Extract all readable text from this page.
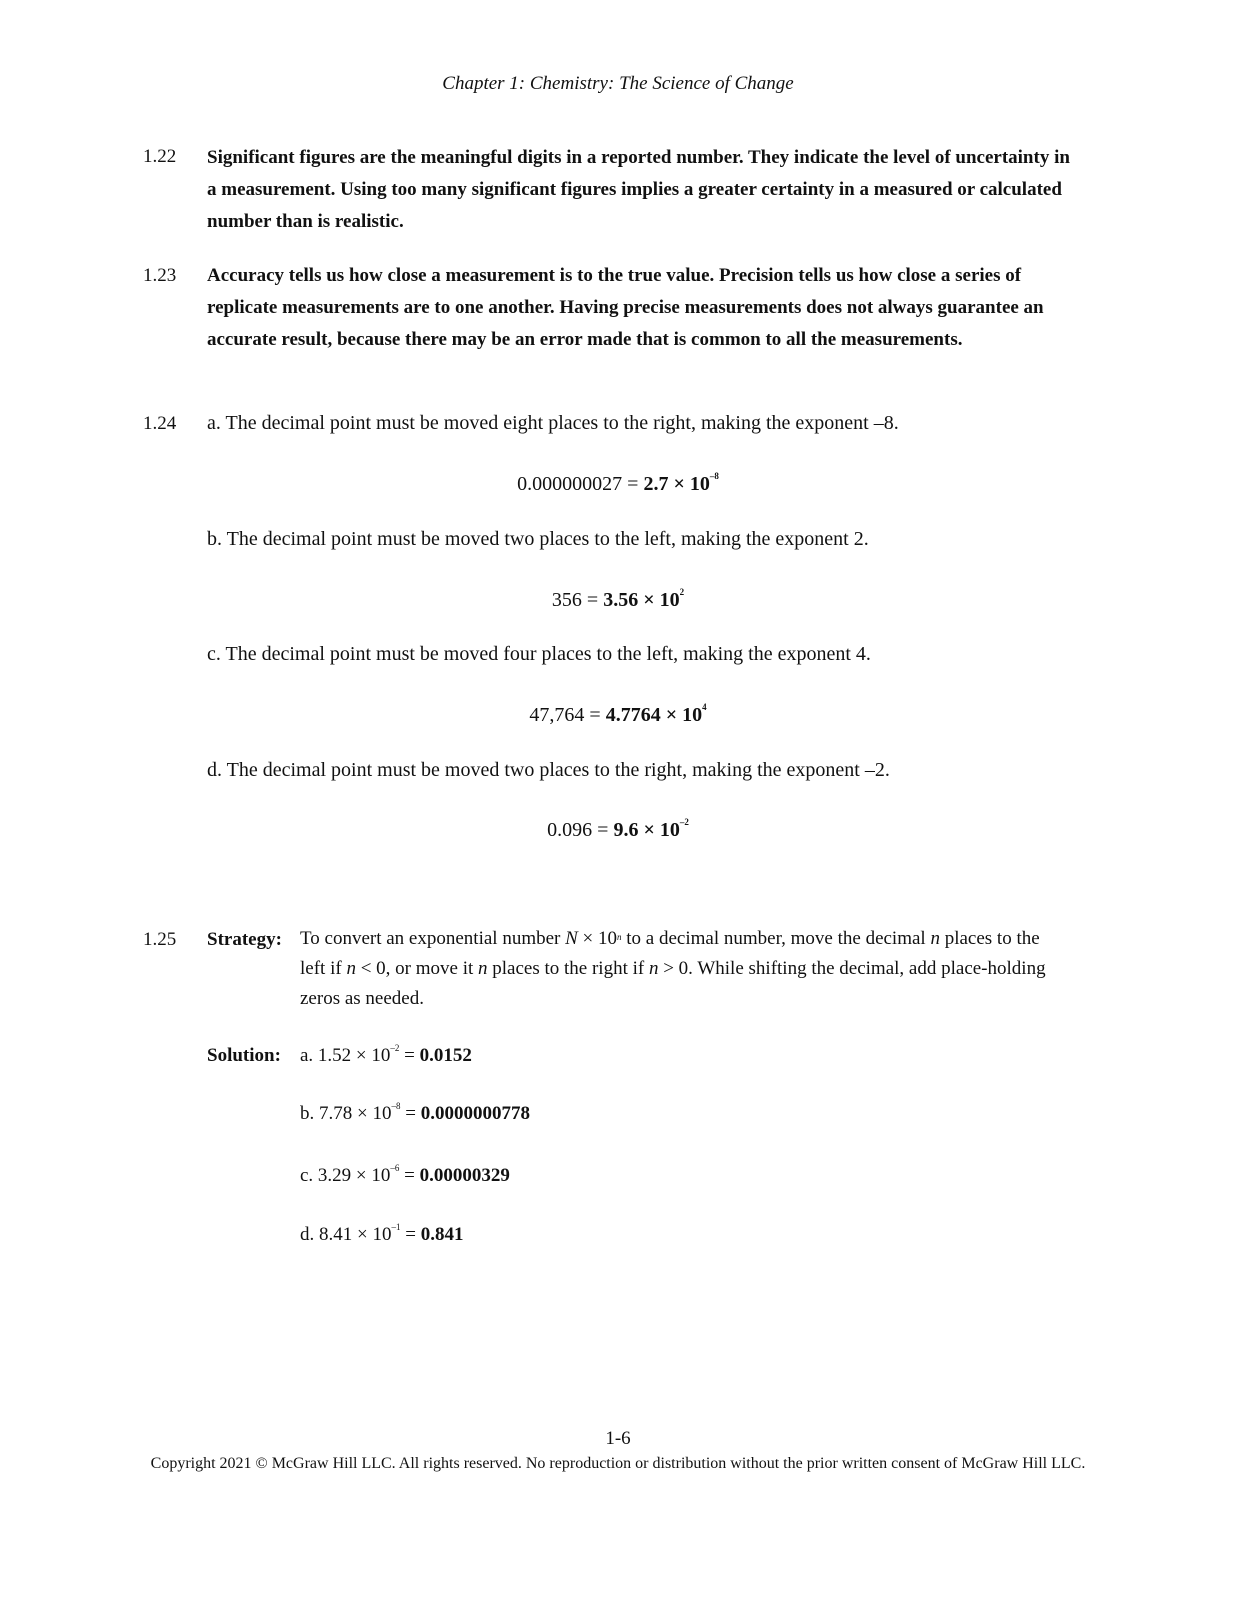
Chapter 1: Chemistry: The Science of Change
1.22 Significant figures are the meaningful digits in a reported number. They indicate the level of uncertainty in a measurement. Using too many significant figures implies a greater certainty in a measured or calculated number than is realistic.
1.23 Accuracy tells us how close a measurement is to the true value. Precision tells us how close a series of replicate measurements are to one another. Having precise measurements does not always guarantee an accurate result, because there may be an error made that is common to all the measurements.
1.24 a. The decimal point must be moved eight places to the right, making the exponent –8.
$0.000000027 = 2.7 \times 10^{-8}$
b. The decimal point must be moved two places to the left, making the exponent 2.
$356 = 3.56 \times 10^2$
c. The decimal point must be moved four places to the left, making the exponent 4.
$47,764 = 4.7764 \times 10^4$
d. The decimal point must be moved two places to the right, making the exponent –2.
$0.096 = 9.6 \times 10^{-2}$
1.25 Strategy: To convert an exponential number $N \times 10^n$ to a decimal number, move the decimal n places to the left if n < 0, or move it n places to the right if n > 0. While shifting the decimal, add place-holding zeros as needed.
Solution: a. $1.52 \times 10^{-2} = 0.0152$
b. $7.78 \times 10^{-8} = 0.0000000778$
c. $3.29 \times 10^{-6} = 0.00000329$
d. $8.41 \times 10^{-1} = 0.841$
1-6
Copyright 2021 © McGraw Hill LLC. All rights reserved. No reproduction or distribution without the prior written consent of McGraw Hill LLC.
